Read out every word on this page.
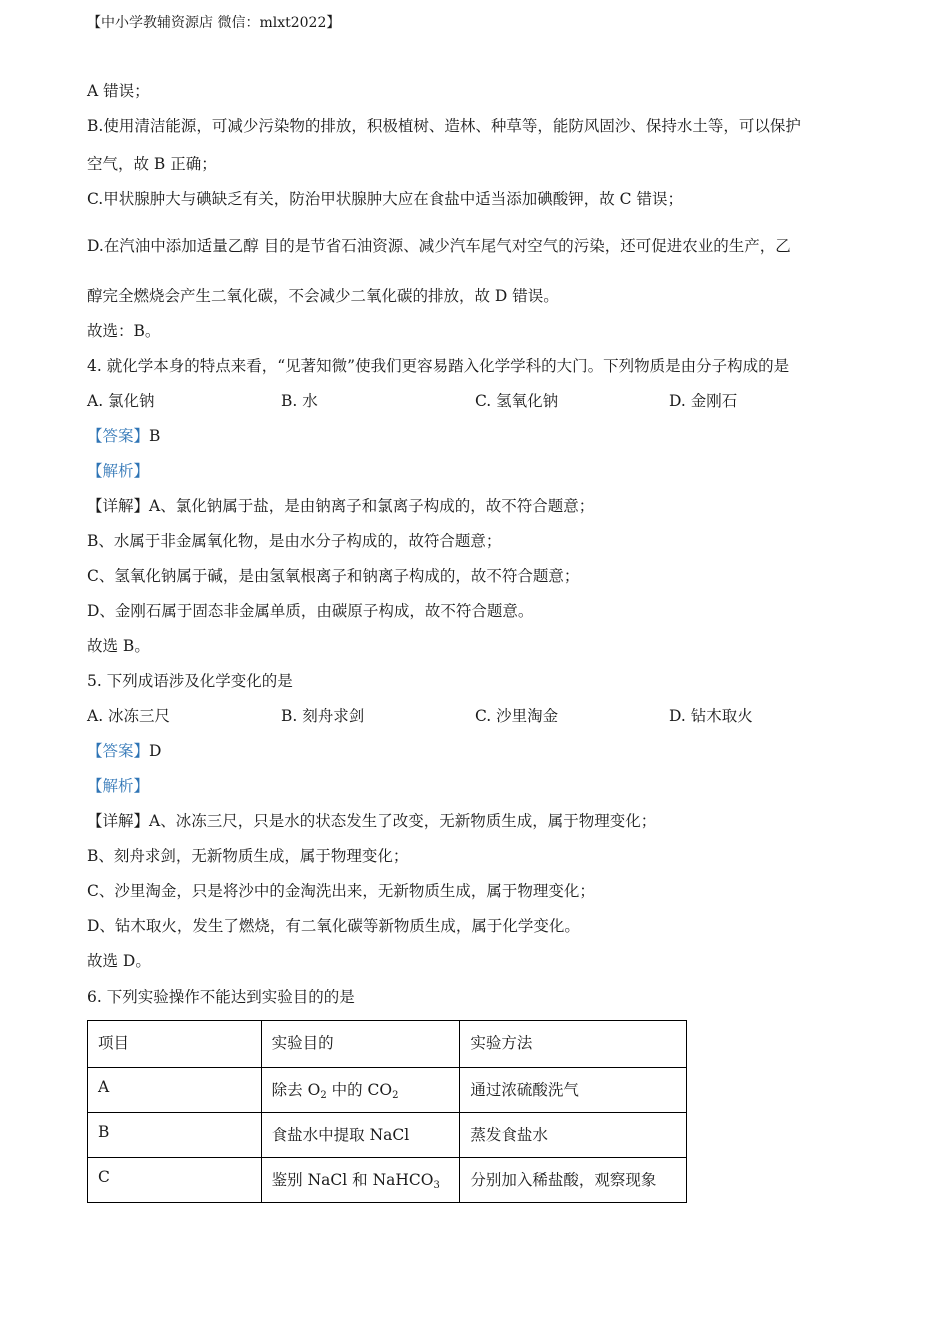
【中小学教辅资源店 微信：mlxt2022】
A 错误；
B.使用清洁能源，可减少污染物的排放，积极植树、造林、种草等，能防风固沙、保持水土等，可以保护
空气，故 B 正确；
C.甲状腺肿大与碘缺乏有关，防治甲状腺肿大应在食盐中适当添加碘酸钾，故 C 错误；
D.在汽油中添加适量乙醇 目的是节省石油资源、减少汽车尾气对空气的污染，还可促进农业的生产，乙
醇完全燃烧会产生二氧化碳，不会减少二氧化碳的排放，故 D 错误。
故选：B。
4. 就化学本身的特点来看，“见著知微”使我们更容易踏入化学学科的大门。下列物质是由分子构成的是
A. 氯化钠	B. 水	C. 氢氧化钠	D. 金刚石
【答案】B
【解析】
【详解】A、氯化钠属于盐，是由钠离子和氯离子构成的，故不符合题意；
B、水属于非金属氧化物，是由水分子构成的，故符合题意；
C、氢氧化钠属于碱，是由氢氧根离子和钠离子构成的，故不符合题意；
D、金刚石属于固态非金属单质，由碳原子构成，故不符合题意。
故选 B。
5. 下列成语涉及化学变化的是
A. 冰冻三尺	B. 刻舟求剑	C. 沙里淘金	D. 钻木取火
【答案】D
【解析】
【详解】A、冰冻三尺，只是水的状态发生了改变，无新物质生成，属于物理变化；
B、刻舟求剑，无新物质生成，属于物理变化；
C、沙里淘金，只是将沙中的金淘洗出来，无新物质生成，属于物理变化；
D、钻木取火，发生了燃烧，有二氧化碳等新物质生成，属于化学变化。
故选 D。
6. 下列实验操作不能达到实验目的的是
项目	实验目的	实验方法
A	除去 $O_2$ 中的 $CO_2$	通过浓硫酸洗气
B	食盐水中提取 NaCl	蒸发食盐水
C	鉴别 NaCl 和 NaHCO$_3$	分别加入稀盐酸，观察现象
